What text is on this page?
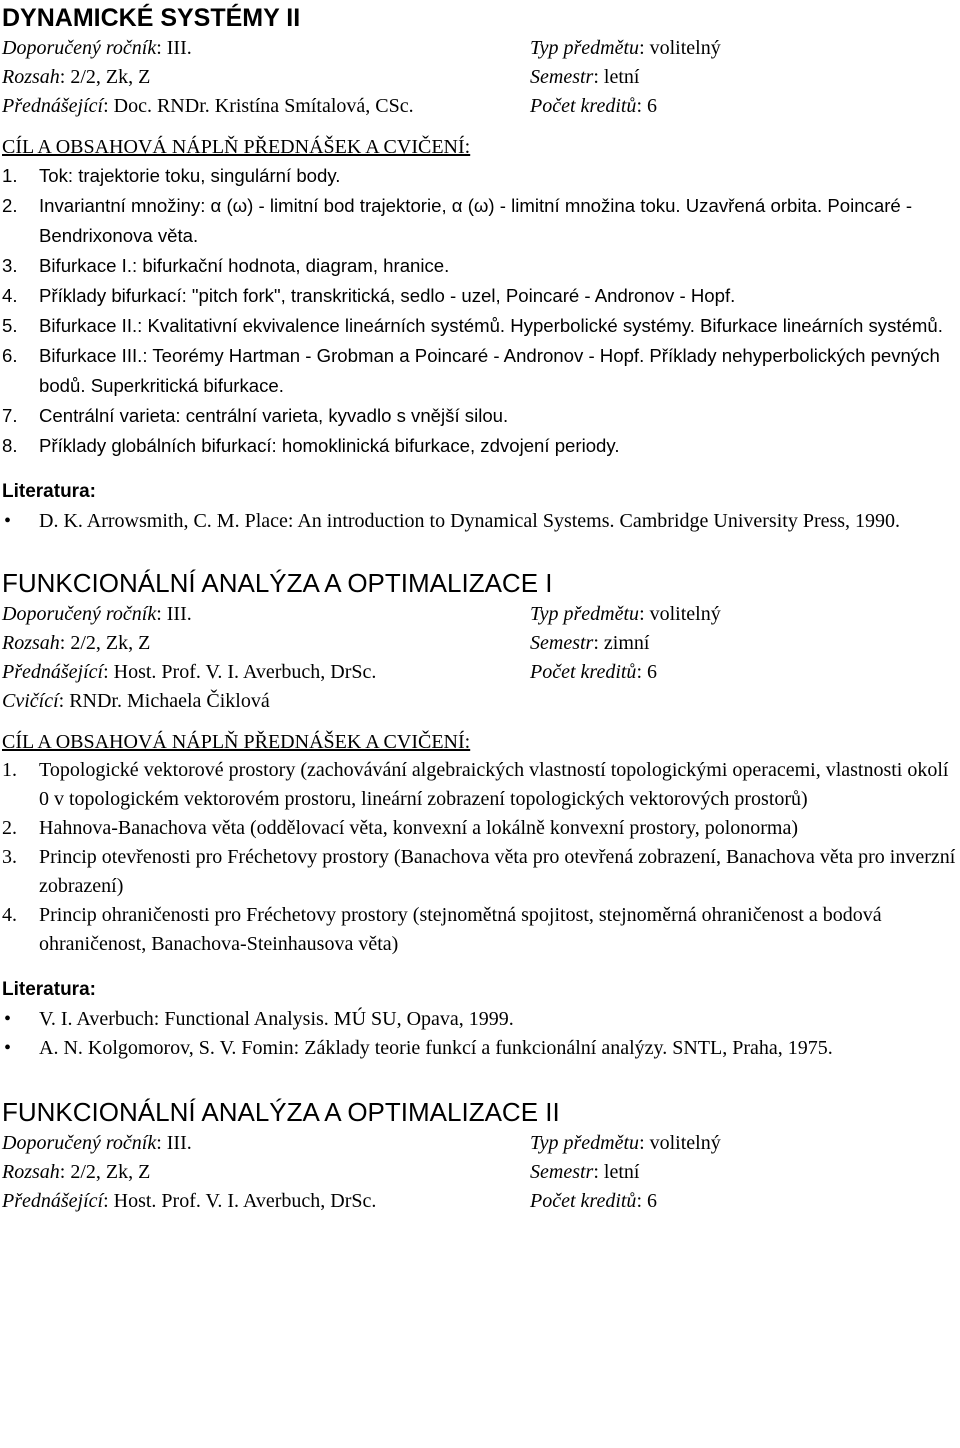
DYNAMICKÉ SYSTÉMY II
Doporučený ročník: III.	Typ předmětu: volitelný
Rozsah: 2/2, Zk, Z	Semestr: letní
Přednášející: Doc. RNDr. Kristína Smítalová, CSc.	Počet kreditů: 6
CÍL A OBSAHOVÁ NÁPLŇ PŘEDNÁŠEK A CVIČENÍ:
1.	Tok: trajektorie toku, singulární body.
2.	Invariantní množiny: α (ω) - limitní bod trajektorie, α (ω) - limitní množina toku. Uzavřená orbita. Poincaré - Bendrixonova věta.
3.	Bifurkace I.: bifurkační hodnota, diagram, hranice.
4.	Příklady bifurkací: "pitch fork", transkritická, sedlo - uzel, Poincaré - Andronov - Hopf.
5.	Bifurkace II.: Kvalitativní ekvivalence lineárních systémů. Hyperbolické systémy. Bifurkace lineárních systémů.
6.	Bifurkace III.: Teorémy Hartman - Grobman a Poincaré - Andronov - Hopf. Příklady nehyperbolických pevných bodů. Superkritická bifurkace.
7.	Centrální varieta: centrální varieta, kyvadlo s vnější silou.
8.	Příklady globálních bifurkací: homoklinická bifurkace, zdvojení periody.
Literatura:
•	D. K. Arrowsmith, C. M. Place: An introduction to Dynamical Systems. Cambridge University Press, 1990.
FUNKCIONÁLNÍ ANALÝZA A OPTIMALIZACE I
Doporučený ročník: III.	Typ předmětu: volitelný
Rozsah: 2/2, Zk, Z	Semestr: zimní
Přednášející: Host. Prof. V. I. Averbuch, DrSc.	Počet kreditů: 6
Cvičící: RNDr. Michaela Čiklová
CÍL A OBSAHOVÁ NÁPLŇ PŘEDNÁŠEK A CVIČENÍ:
1.	Topologické vektorové prostory (zachovávání algebraických vlastností topologickými operacemi, vlastnosti okolí 0 v topologickém vektorovém prostoru, lineární zobrazení topologických vektorových prostorů)
2.	Hahnova-Banachova věta (oddělovací věta, konvexní a lokálně konvexní prostory, polonorma)
3.	Princip otevřenosti pro Fréchetovy prostory (Banachova věta pro otevřená zobrazení, Banachova věta pro inverzní zobrazení)
4.	Princip ohraničenosti pro Fréchetovy prostory (stejnomětná spojitost, stejnoměrná ohraničenost a bodová ohraničenost, Banachova-Steinhausova věta)
Literatura:
•	V. I. Averbuch: Functional Analysis. MÚ SU, Opava, 1999.
•	A. N. Kolgomorov, S. V. Fomin: Základy teorie funkcí a funkcionální analýzy. SNTL, Praha, 1975.
FUNKCIONÁLNÍ ANALÝZA A OPTIMALIZACE II
Doporučený ročník: III.	Typ předmětu: volitelný
Rozsah: 2/2, Zk, Z	Semestr: letní
Přednášející: Host. Prof. V. I. Averbuch, DrSc.	Počet kreditů: 6
